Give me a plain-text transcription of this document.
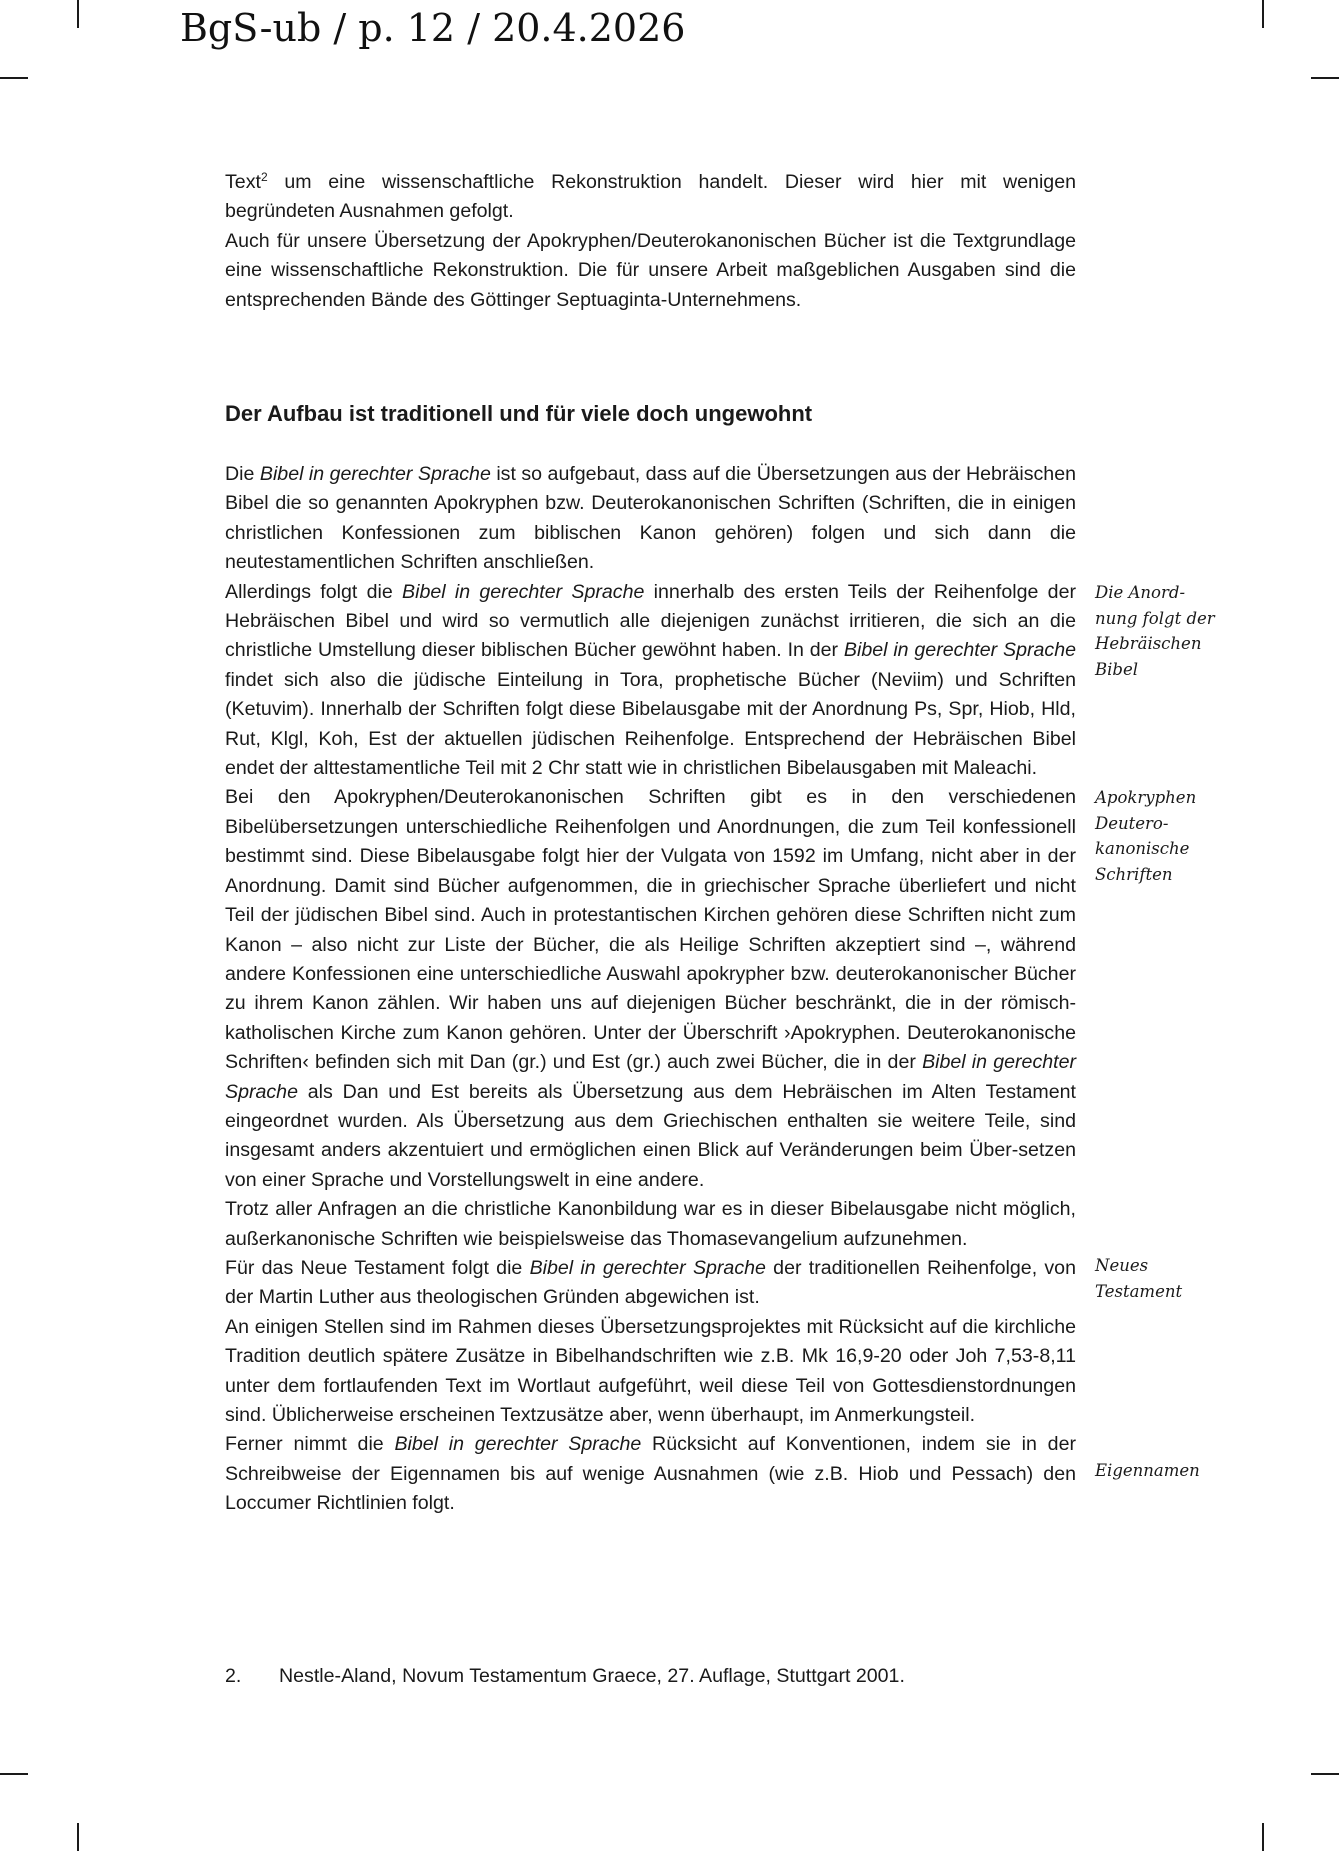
BgS-ub / p. 12 / 20.4.2026

Text$^2$ um eine wissenschaftliche Rekonstruktion handelt. Dieser wird hier mit wenigen begründeten Ausnahmen gefolgt.

Auch für unsere Übersetzung der Apokryphen/Deuterokanonischen Bücher ist die Textgrundlage eine wissenschaftliche Rekonstruktion. Die für unsere Arbeit maßgeblichen Ausgaben sind die entsprechenden Bände des Göttinger Septuaginta-Unternehmens.

Der Aufbau ist traditionell und für viele doch ungewohnt

Die Bibel in gerechter Sprache ist so aufgebaut, dass auf die Übersetzungen aus der Hebräischen Bibel die so genannten Apokryphen bzw. Deuterokanonischen Schriften (Schriften, die in einigen christlichen Konfessionen zum biblischen Kanon gehören) folgen und sich dann die neutestamentlichen Schriften anschließen.

Allerdings folgt die Bibel in gerechter Sprache innerhalb des ersten Teils der Reihenfolge der Hebräischen Bibel und wird so vermutlich alle diejenigen zunächst irritieren, die sich an die christliche Umstellung dieser biblischen Bücher gewöhnt haben. In der Bibel in gerechter Sprache findet sich also die jüdische Einteilung in Tora, prophetische Bücher (Neviim) und Schriften (Ketuvim). Innerhalb der Schriften folgt diese Bibelausgabe mit der Anordnung Ps, Spr, Hiob, Hld, Rut, Klgl, Koh, Est der aktuellen jüdischen Reihenfolge. Entsprechend der Hebräischen Bibel endet der alttestamentliche Teil mit 2 Chr statt wie in christlichen Bibelausgaben mit Maleachi.

Bei den Apokryphen/Deuterokanonischen Schriften gibt es in den verschiedenen Bibelübersetzungen unterschiedliche Reihenfolgen und Anordnungen, die zum Teil konfessionell bestimmt sind. Diese Bibelausgabe folgt hier der Vulgata von 1592 im Umfang, nicht aber in der Anordnung. Damit sind Bücher aufgenommen, die in griechischer Sprache überliefert und nicht Teil der jüdischen Bibel sind. Auch in protestantischen Kirchen gehören diese Schriften nicht zum Kanon – also nicht zur Liste der Bücher, die als Heilige Schriften akzeptiert sind –, während andere Konfessionen eine unterschiedliche Auswahl apokrypher bzw. deuterokanonischer Bücher zu ihrem Kanon zählen. Wir haben uns auf diejenigen Bücher beschränkt, die in der römisch-katholischen Kirche zum Kanon gehören. Unter der Überschrift ›Apokryphen. Deuterokanonische Schriften‹ befinden sich mit Dan (gr.) und Est (gr.) auch zwei Bücher, die in der Bibel in gerechter Sprache als Dan und Est bereits als Übersetzung aus dem Hebräischen im Alten Testament eingeordnet wurden. Als Übersetzung aus dem Griechischen enthalten sie weitere Teile, sind insgesamt anders akzentuiert und ermöglichen einen Blick auf Veränderungen beim Über-setzen von einer Sprache und Vorstellungswelt in eine andere.

Trotz aller Anfragen an die christliche Kanonbildung war es in dieser Bibelausgabe nicht möglich, außerkanonische Schriften wie beispielsweise das Thomasevangelium aufzunehmen.

Für das Neue Testament folgt die Bibel in gerechter Sprache der traditionellen Reihenfolge, von der Martin Luther aus theologischen Gründen abgewichen ist.

An einigen Stellen sind im Rahmen dieses Übersetzungsprojektes mit Rücksicht auf die kirchliche Tradition deutlich spätere Zusätze in Bibelhandschriften wie z.B. Mk 16,9-20 oder Joh 7,53-8,11 unter dem fortlaufenden Text im Wortlaut aufgeführt, weil diese Teil von Gottesdienstordnungen sind. Üblicherweise erscheinen Textzusätze aber, wenn überhaupt, im Anmerkungsteil.

Ferner nimmt die Bibel in gerechter Sprache Rücksicht auf Konventionen, indem sie in der Schreibweise der Eigennamen bis auf wenige Ausnahmen (wie z.B. Hiob und Pessach) den Loccumer Richtlinien folgt.

Die Anord-
nung folgt der
Hebräischen
Bibel
Apokryphen
Deutero-
kanonische
Schriften
Neues
Testament
Eigennamen
2. Nestle-Aland, Novum Testamentum Graece, 27. Auflage, Stuttgart 2001.
